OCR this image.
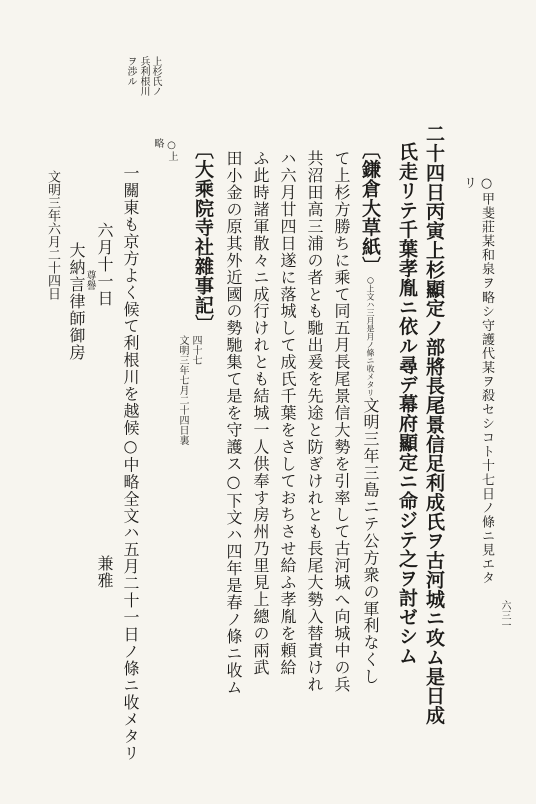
文明三年六月二十四日
六三一
上杉氏ノ
兵利根川
ヲ渉ル
○甲斐莊某和泉ヲ略シ守護代某ヲ殺セシコト十七日ノ條ニ見エタ
リ
二十四日丙寅上杉顯定ノ部將長尾景信足利成氏ヲ古河城ニ攻ム是日成
氏走リテ千葉孝胤ニ依ル尋デ幕府顯定ニ命ジテ之ヲ討ゼシム
〔鎌倉大草紙〕○上文ハ三月是月ノ條ニ收メタリ文明三年三島ニテ公方衆の軍利なくし
て上杉方勝ちに乘て同五月長尾景信大勢を引率して古河城へ向城中の兵
共沼田高三浦の者とも馳出爰を先途と防ぎけれとも長尾大勢入替責けれ
ハ六月廿四日遂に落城して成氏千葉をさしておちさせ給ふ孝胤を頼給
ふ此時諸軍散々ニ成行けれとも結城一人供奉す房州乃里見上總の兩武
田小金の原其外近國の勢馳集て是を守護ス○下文ハ四年是春ノ條ニ收ム
〔大乘院寺社雜事記〕
四十七
文明三年七月二十四日裏
○上
略
一關東も京方よく候て利根川を越候○中略全文ハ五月二十一日ノ條ニ收メタリ
六月十一日
兼雅
尊譽
大納言律師御房
